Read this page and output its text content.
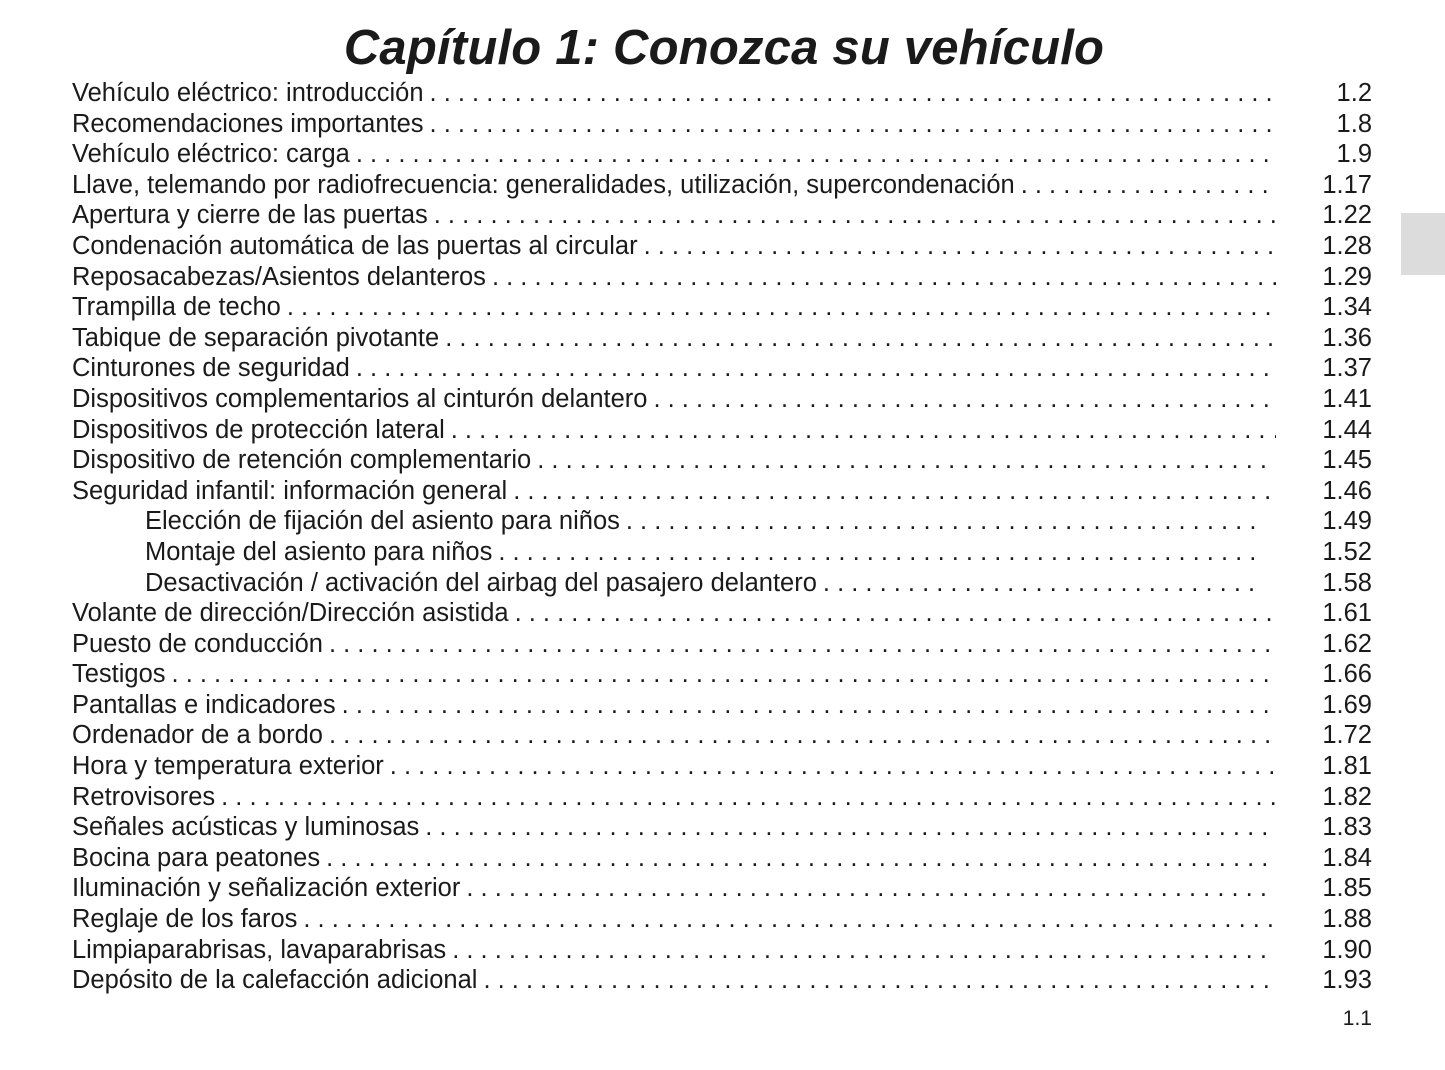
Capítulo 1: Conozca su vehículo
Vehículo eléctrico: introducción . . .	1.2
Recomendaciones importantes . . .	1.8
Vehículo eléctrico: carga . . .	1.9
Llave, telemando por radiofrecuencia: generalidades, utilización, supercondenación . . .	1.17
Apertura y cierre de las puertas . . .	1.22
Condenación automática de las puertas al circular . . .	1.28
Reposacabezas/Asientos delanteros . . .	1.29
Trampilla de techo . . .	1.34
Tabique de separación pivotante . . .	1.36
Cinturones de seguridad . . .	1.37
Dispositivos complementarios al cinturón delantero . . .	1.41
Dispositivos de protección lateral . . .	1.44
Dispositivo de retención complementario . . .	1.45
Seguridad infantil: información general . . .	1.46
Elección de fijación del asiento para niños . . .	1.49
Montaje del asiento para niños . . .	1.52
Desactivación / activación del airbag del pasajero delantero . . .	1.58
Volante de dirección/Dirección asistida . . .	1.61
Puesto de conducción . . .	1.62
Testigos . . .	1.66
Pantallas e indicadores . . .	1.69
Ordenador de a bordo . . .	1.72
Hora y temperatura exterior . . .	1.81
Retrovisores . . .	1.82
Señales acústicas y luminosas . . .	1.83
Bocina para peatones . . .	1.84
Iluminación y señalización exterior . . .	1.85
Reglaje de los faros . . .	1.88
Limpiaparabrisas, lavaparabrisas . . .	1.90
Depósito de la calefacción adicional . . .	1.93
1.1
